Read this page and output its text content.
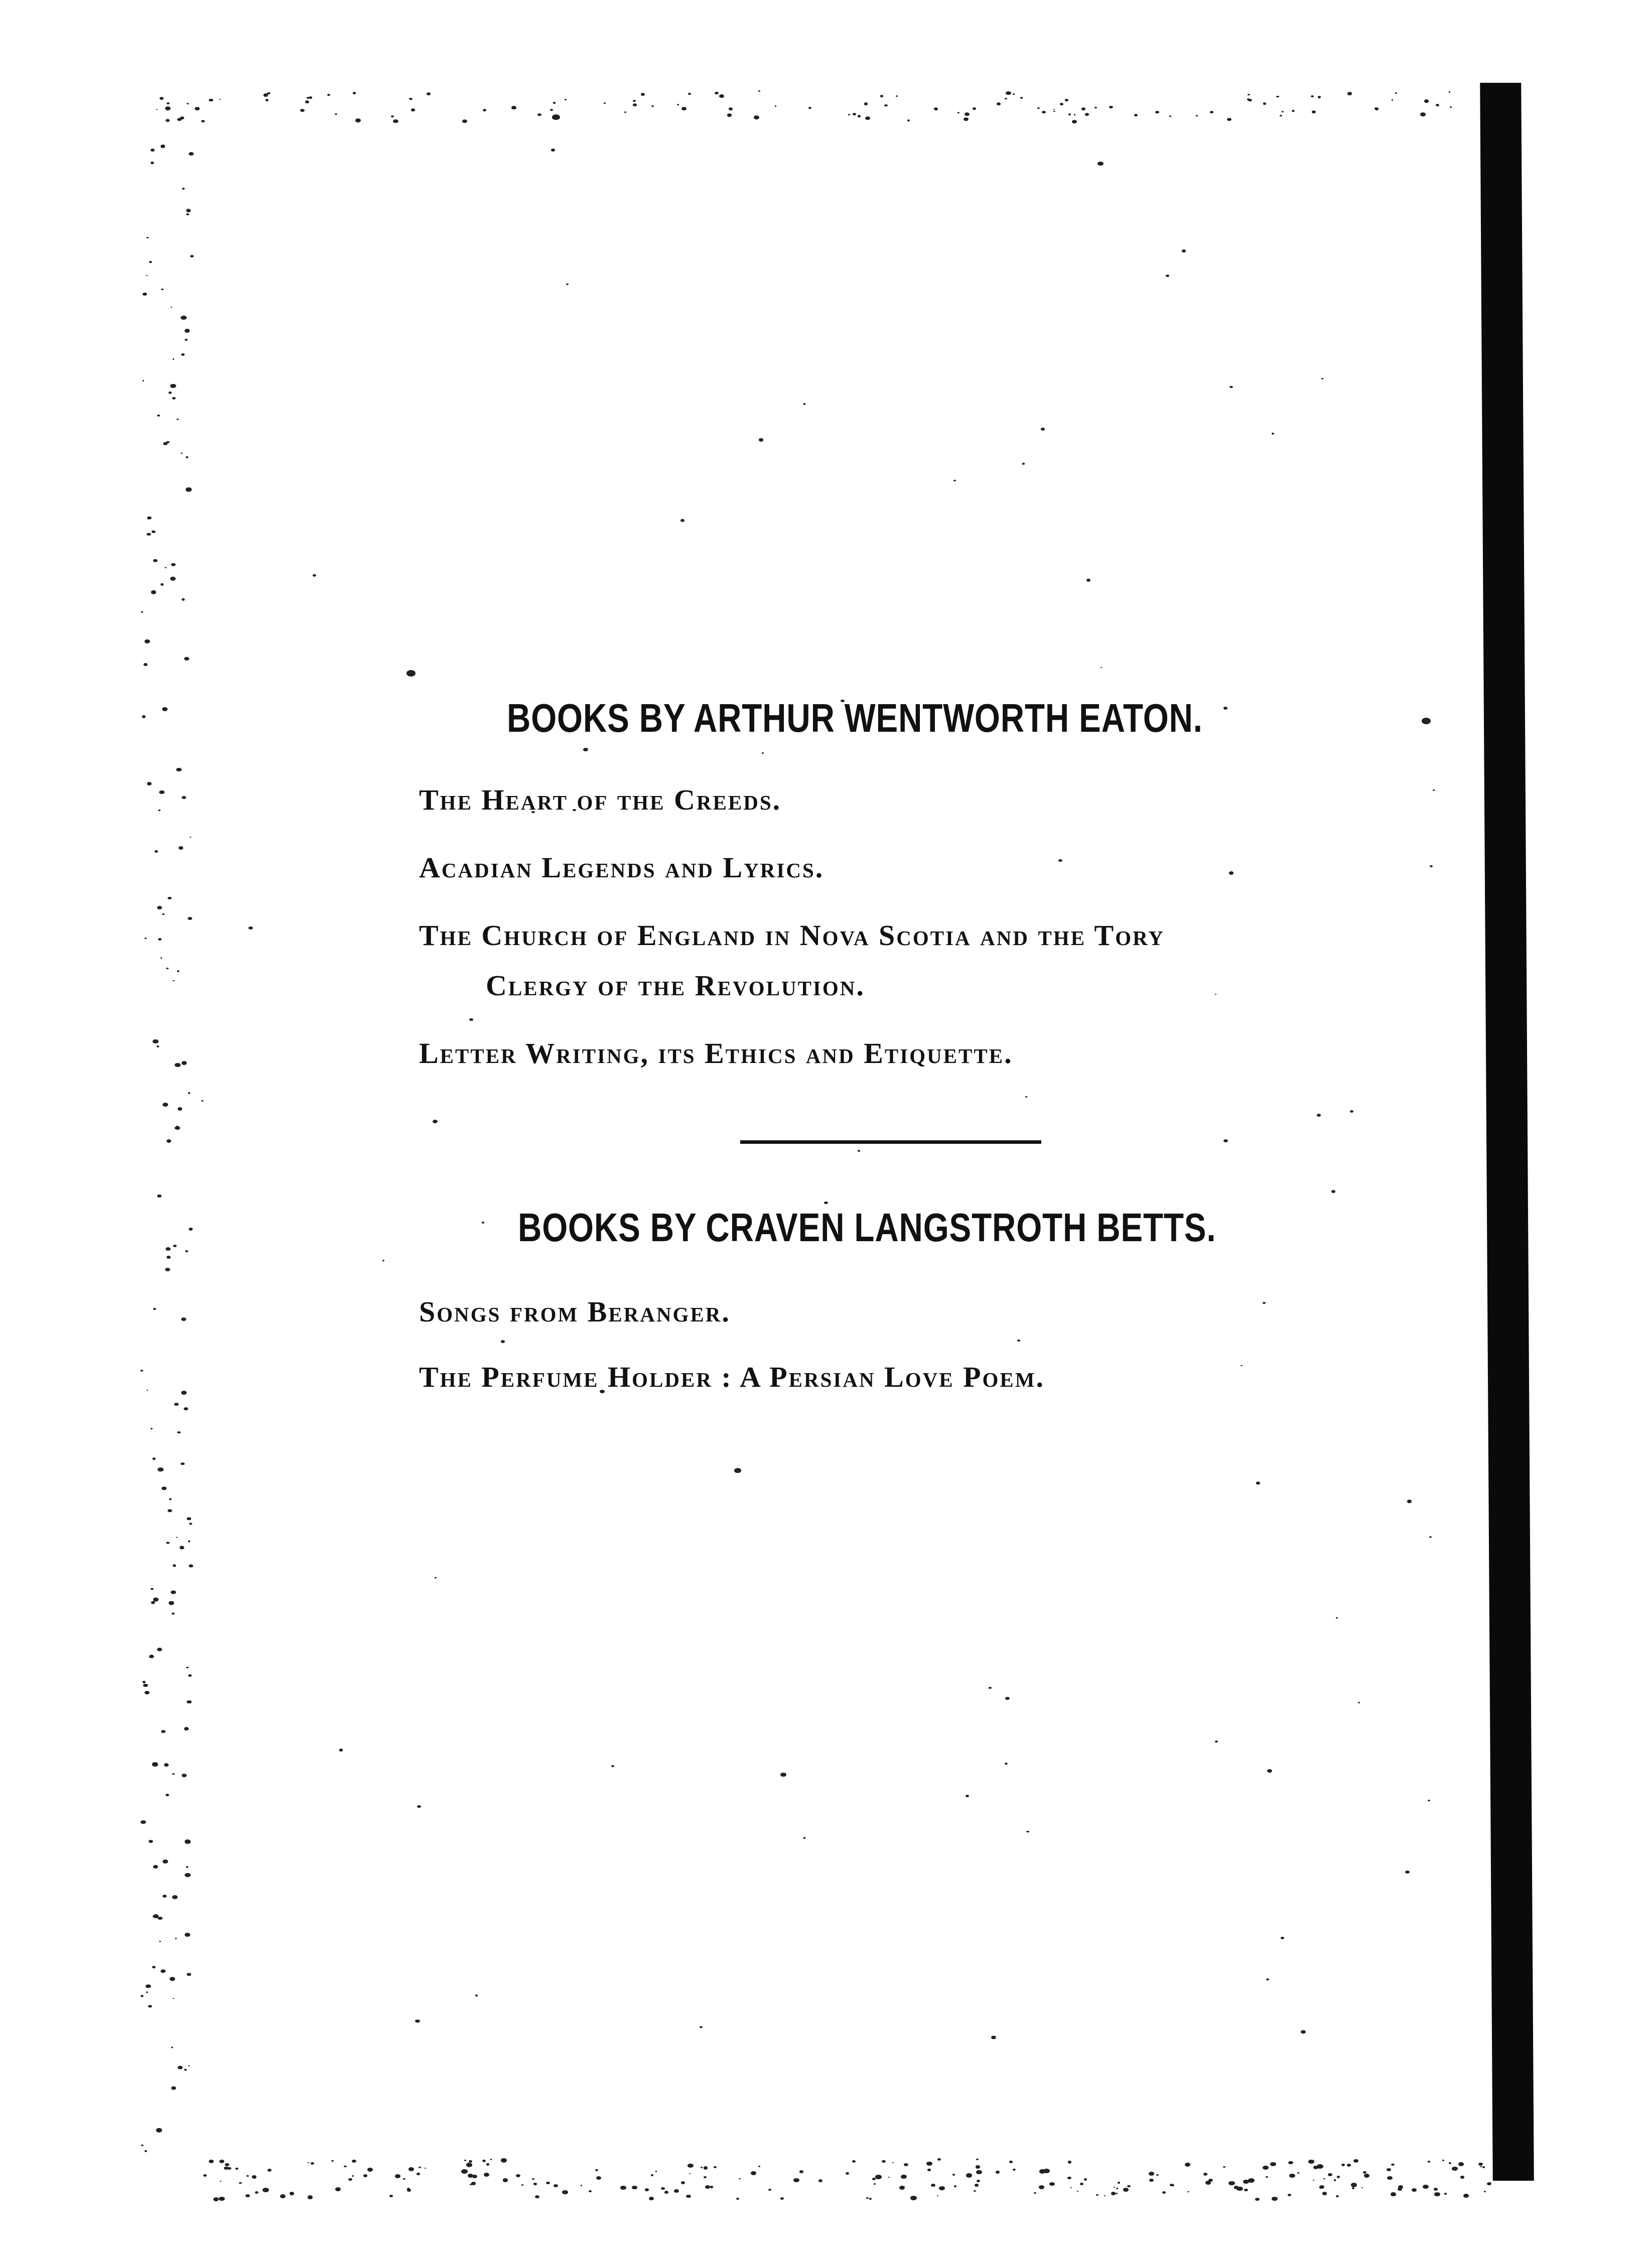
BOOKS BY ARTHUR WENTWORTH EATON.
The Heart of the Creeds.
Acadian Legends and Lyrics.
The Church of England in Nova Scotia and the Tory
Clergy of the Revolution.
Letter Writing, its Ethics and Etiquette.
BOOKS BY CRAVEN LANGSTROTH BETTS.
Songs from Beranger.
The Perfume Holder : A Persian Love Poem.
